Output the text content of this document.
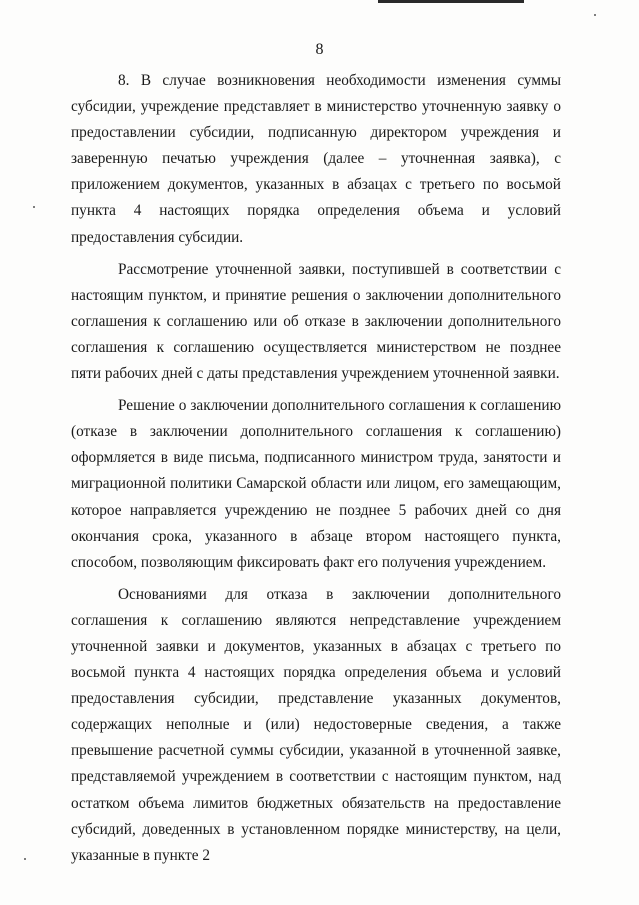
8

8. В случае возникновения необходимости изменения суммы субсидии, учреждение представляет в министерство уточненную заявку о предоставлении субсидии, подписанную директором учреждения и заверенную печатью учреждения (далее – уточненная заявка), с приложением документов, указанных в абзацах с третьего по восьмой пункта 4 настоящих порядка определения объема и условий предоставления субсидии.

Рассмотрение уточненной заявки, поступившей в соответствии с настоящим пунктом, и принятие решения о заключении дополнительного соглашения к соглашению или об отказе в заключении дополнительного соглашения к соглашению осуществляется министерством не позднее пяти рабочих дней с даты представления учреждением уточненной заявки.

Решение о заключении дополнительного соглашения к соглашению (отказе в заключении дополнительного соглашения к соглашению) оформляется в виде письма, подписанного министром труда, занятости и миграционной политики Самарской области или лицом, его замещающим, которое направляется учреждению не позднее 5 рабочих дней со дня окончания срока, указанного в абзаце втором настоящего пункта, способом, позволяющим фиксировать факт его получения учреждением.

Основаниями для отказа в заключении дополнительного соглашения к соглашению являются непредставление учреждением уточненной заявки и документов, указанных в абзацах с третьего по восьмой пункта 4 настоящих порядка определения объема и условий предоставления субсидии, представление указанных документов, содержащих неполные и (или) недостоверные сведения, а также превышение расчетной суммы субсидии, указанной в уточненной заявке, представляемой учреждением в соответствии с настоящим пунктом, над остатком объема лимитов бюджетных обязательств на предоставление субсидий, доведенных в установленном порядке министерству, на цели, указанные в пункте 2
